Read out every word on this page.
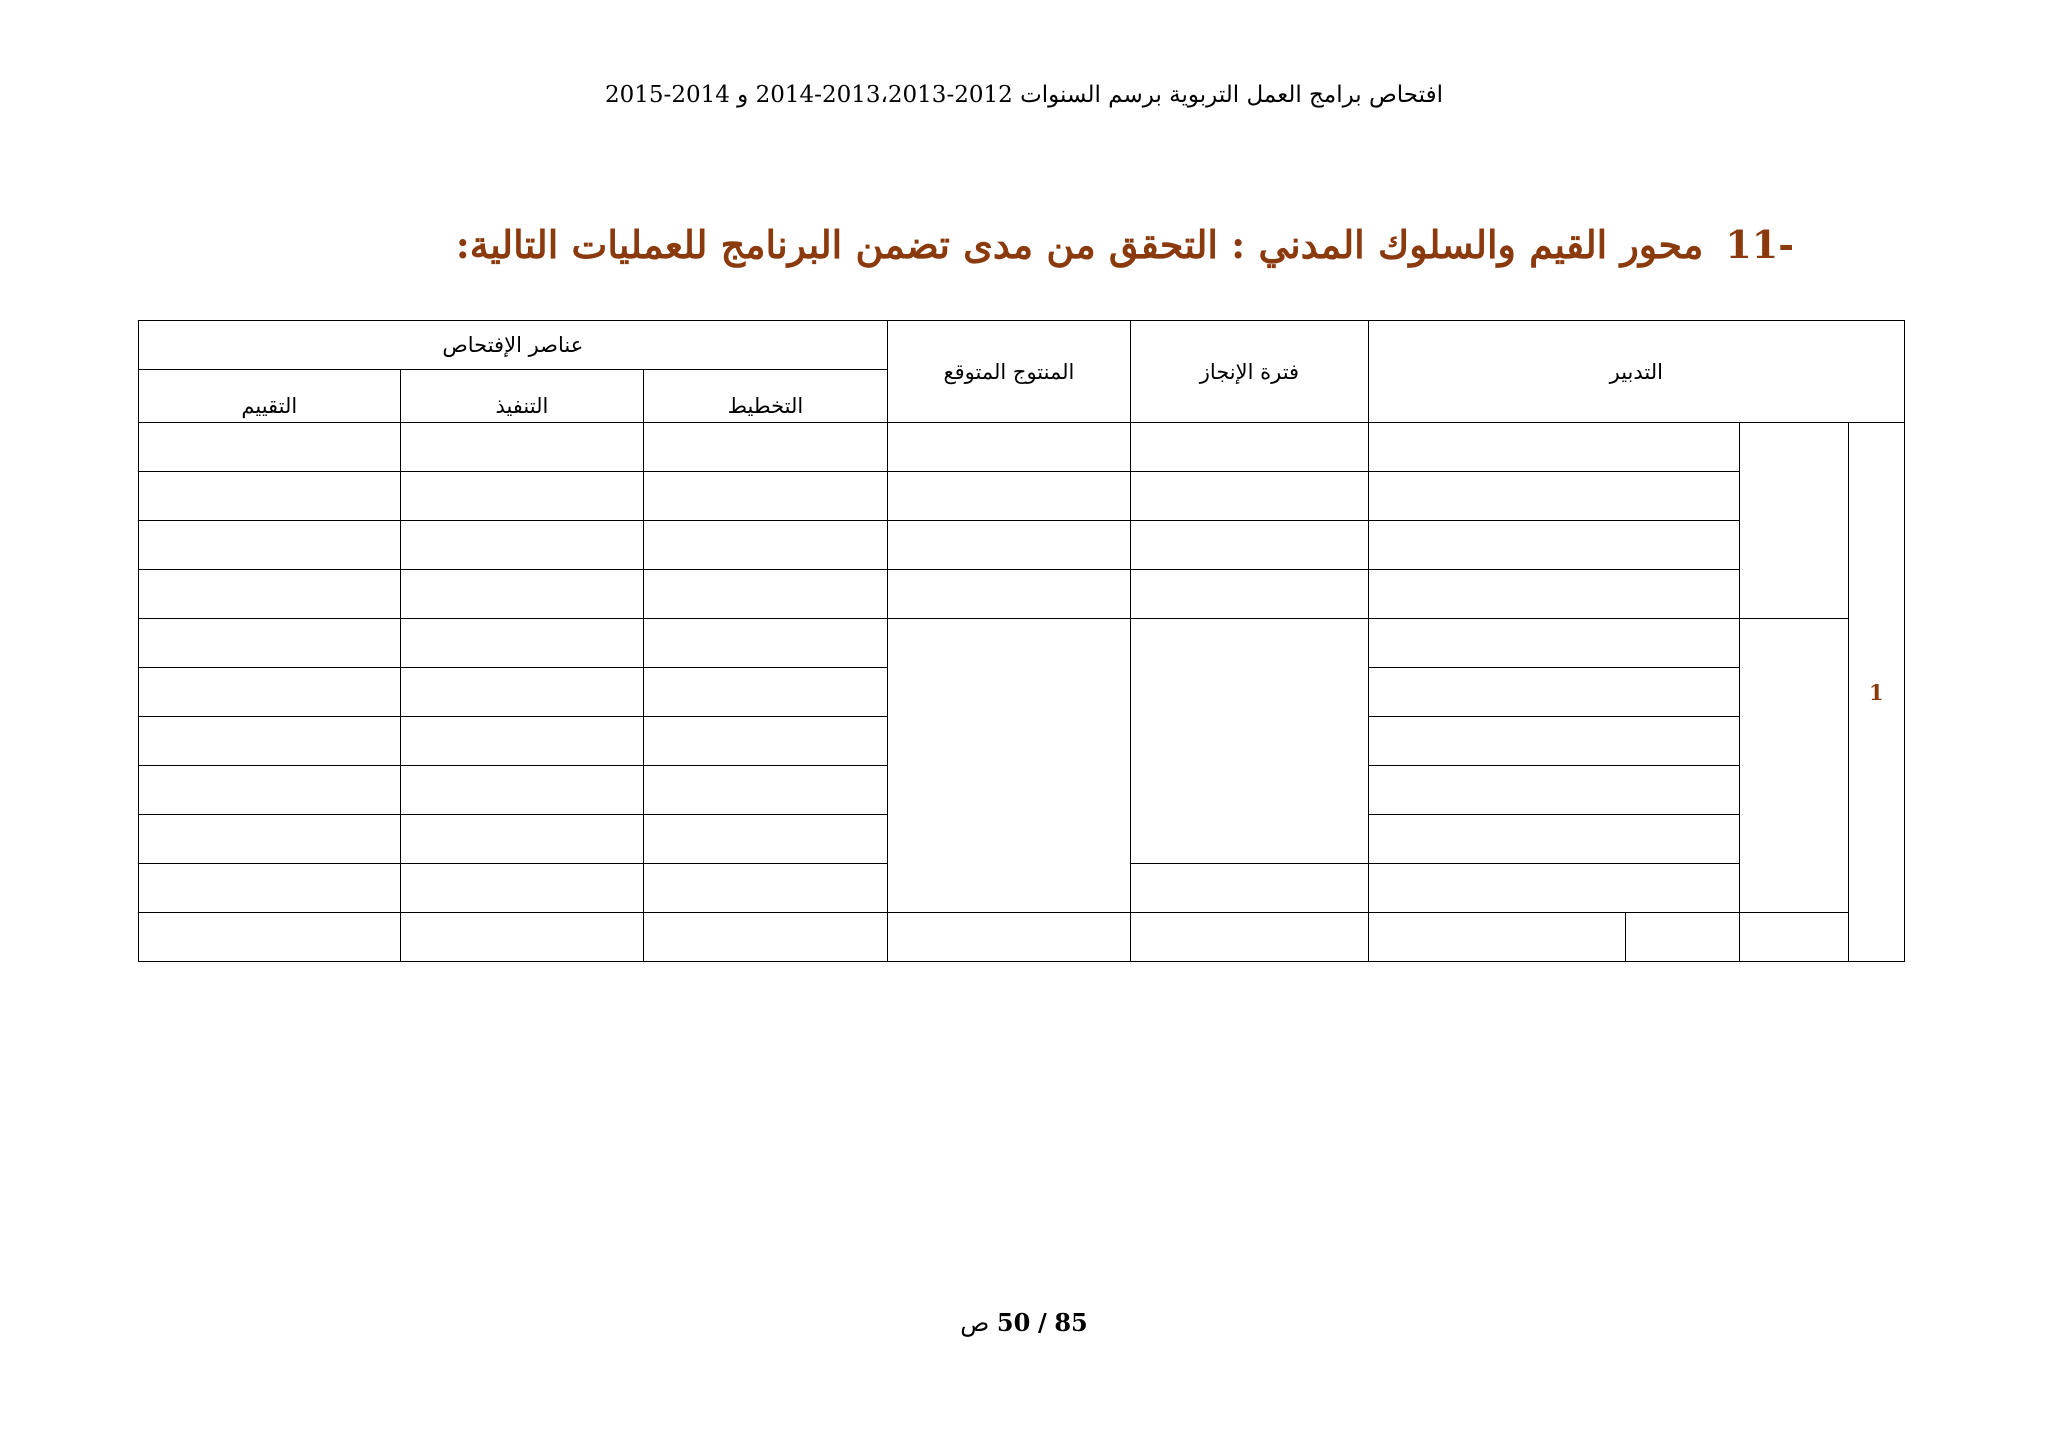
افتحاص برامج العمل التربوية برسم السنوات 2012-2013،2013-2014 و 2014-2015
-11محور القيم والسلوك المدني : التحقق من مدى تضمن البرنامج للعمليات التالية:
عناصر الإفتحاص			المنتوج المتوقع	فترة الإنجاز	التدبير			
التقييم	التنفيذ	التخطيط						
								1

85 / 50 ص
